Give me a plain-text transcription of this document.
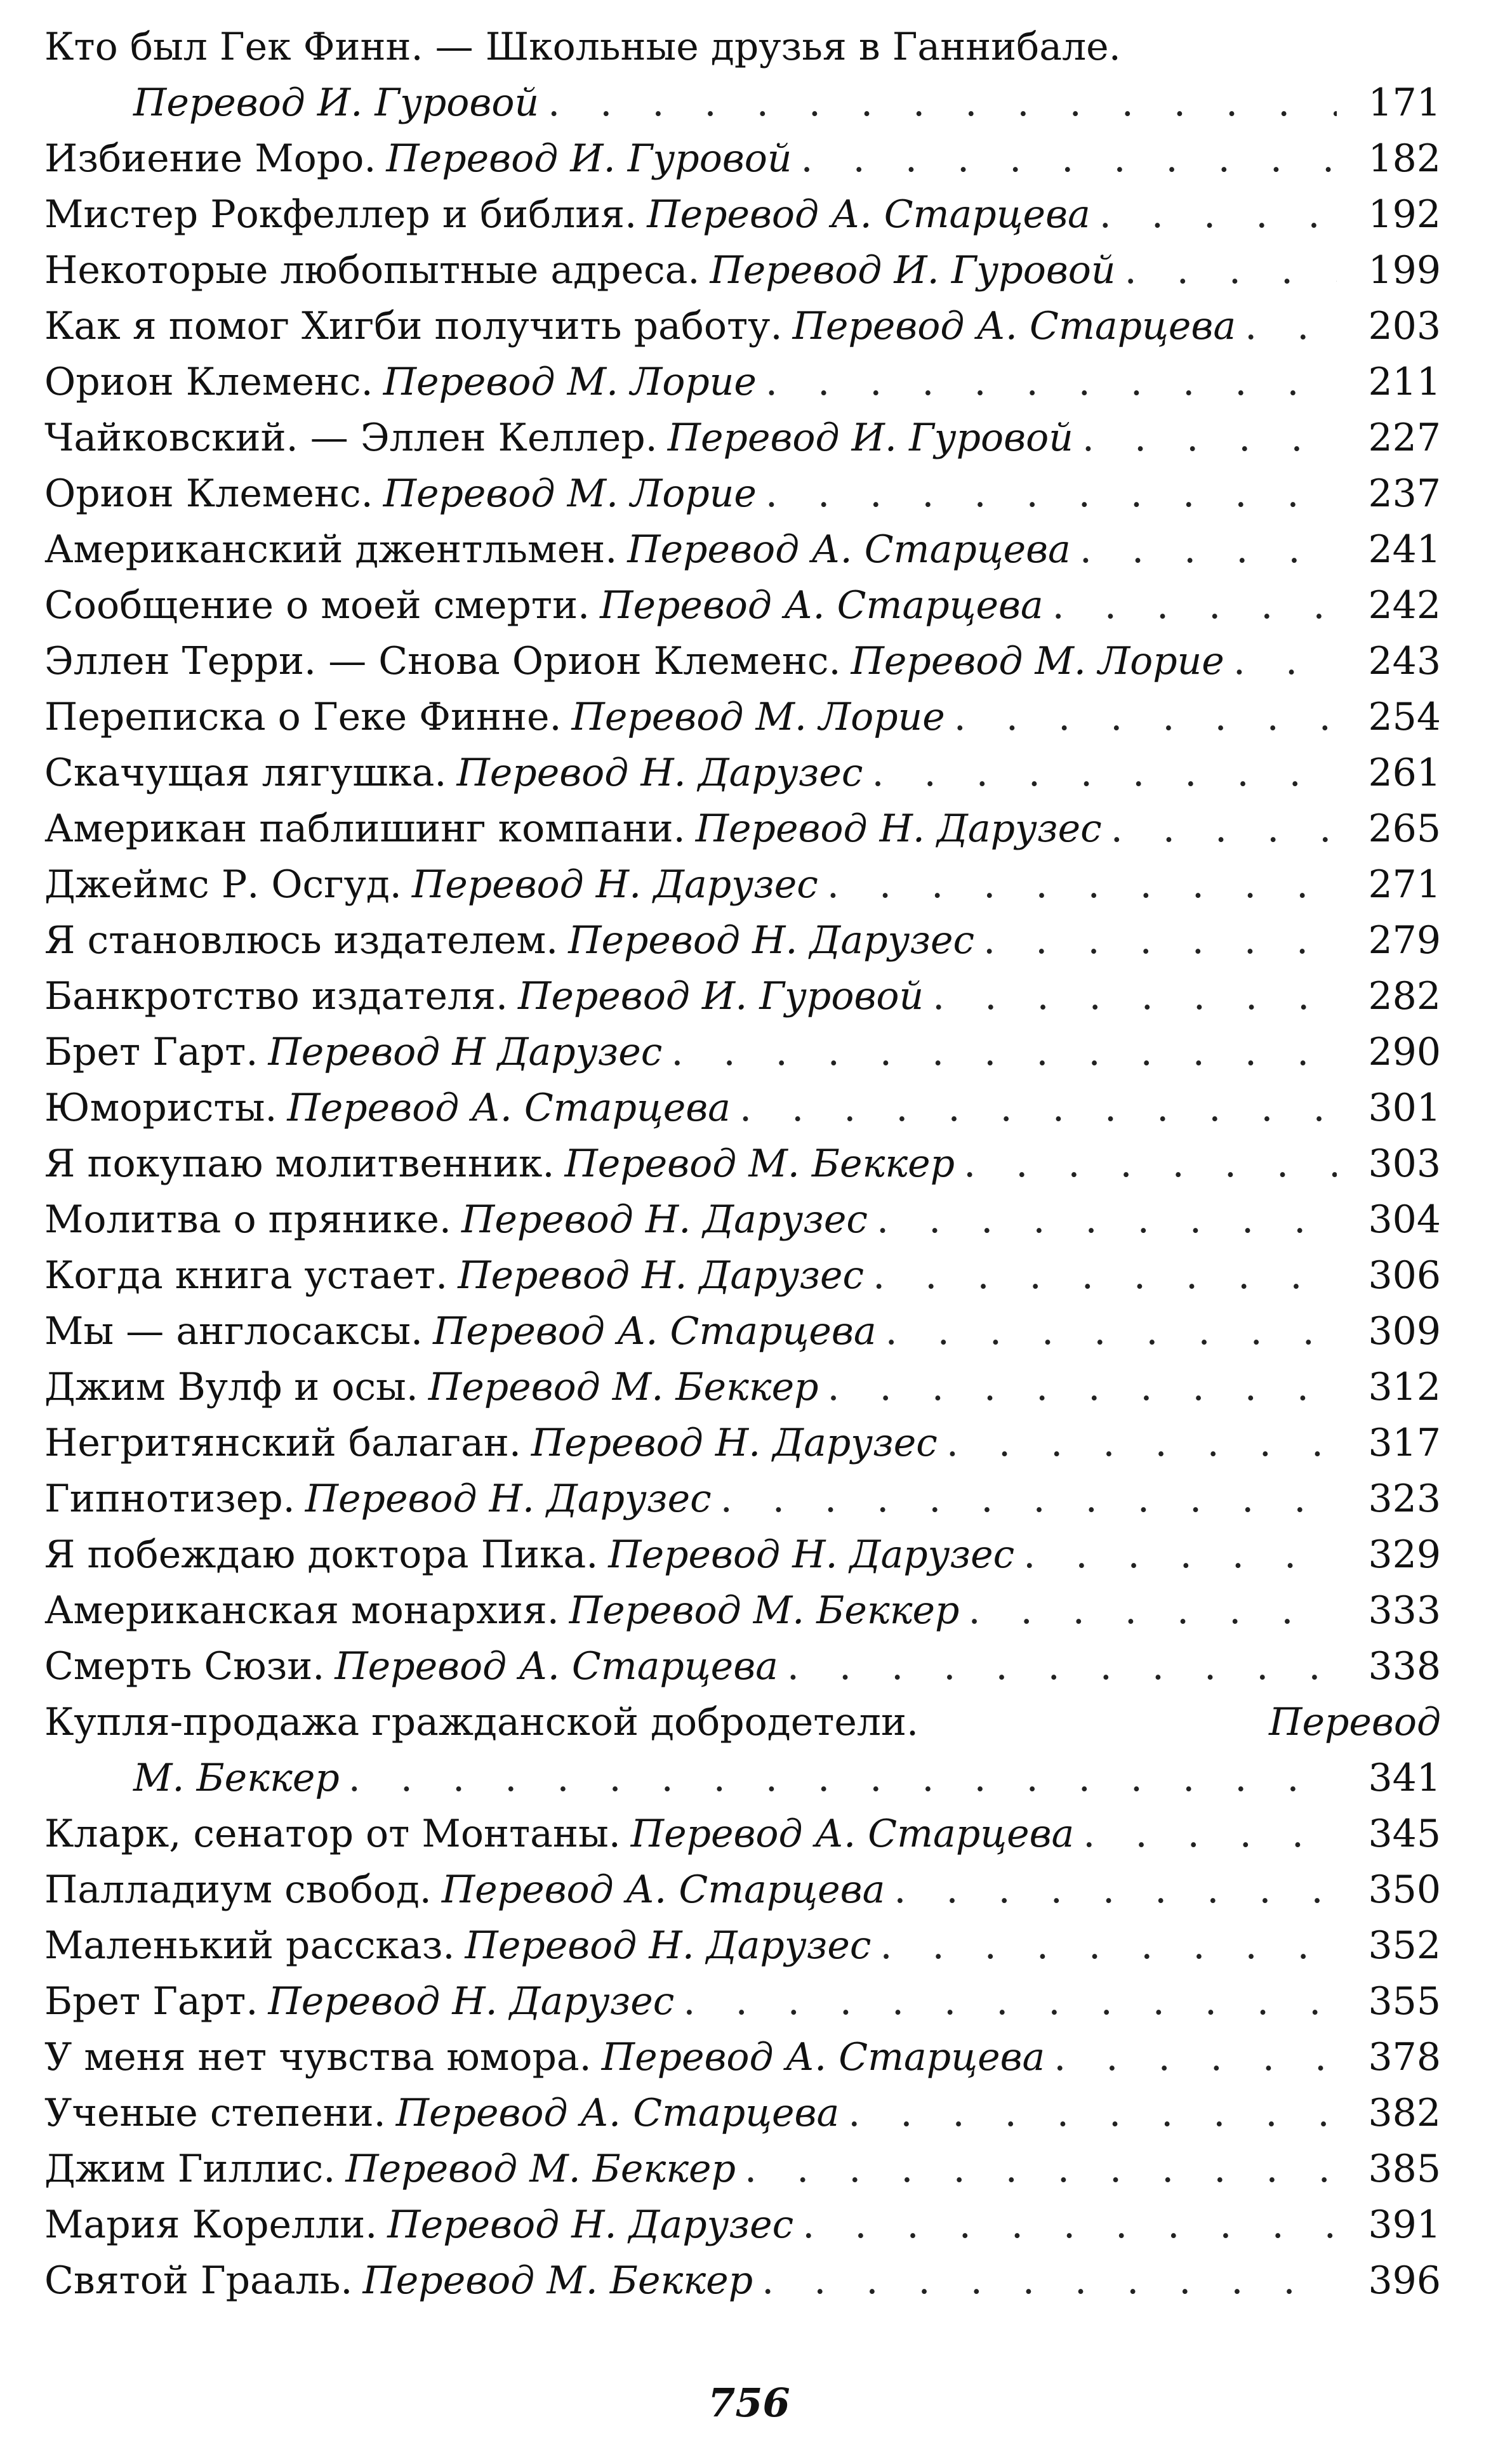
Кто был Гек Финн. — Школьные друзья в Ганнибале.
Перевод И. Гуровой . . .	171
Избиение Моро. Перевод И. Гуровой . . .	182
Мистер Рокфеллер и библия. Перевод А. Старцева . . .	192
Некоторые любопытные адреса. Перевод И. Гуровой . . .	199
Как я помог Хигби получить работу. Перевод А. Старцева . . .	203
Орион Клеменс. Перевод М. Лорие . . .	211
Чайковский. — Эллен Келлер. Перевод И. Гуровой . . .	227
Орион Клеменс. Перевод М. Лорие . . .	237
Американский джентльмен. Перевод А. Старцева . . .	241
Сообщение о моей смерти. Перевод А. Старцева . . .	242
Эллен Терри. — Снова Орион Клеменс. Перевод М. Лорие . . .	243
Переписка о Геке Финне. Перевод М. Лорие . . .	254
Скачущая лягушка. Перевод Н. Дарузес . . .	261
Американ паблишинг компани. Перевод Н. Дарузес . . .	265
Джеймс Р. Осгуд. Перевод Н. Дарузес . . .	271
Я становлюсь издателем. Перевод Н. Дарузес . . .	279
Банкротство издателя. Перевод И. Гуровой . . .	282
Брет Гарт. Перевод Н Дарузес . . .	290
Юмористы. Перевод А. Старцева . . .	301
Я покупаю молитвенник. Перевод М. Беккер . . .	303
Молитва о прянике. Перевод Н. Дарузес . . .	304
Когда книга устает. Перевод Н. Дарузес . . .	306
Мы — англосаксы. Перевод А. Старцева . . .	309
Джим Вулф и осы. Перевод М. Беккер . . .	312
Негритянский балаган. Перевод Н. Дарузес . . .	317
Гипнотизер. Перевод Н. Дарузес . . .	323
Я побеждаю доктора Пика. Перевод Н. Дарузес . . .	329
Американская монархия. Перевод М. Беккер . . .	333
Смерть Сюзи. Перевод А. Старцева . . .	338
Купля-продажа гражданской добродетели.	Перевод
М. Беккер . . .	341
Кларк, сенатор от Монтаны. Перевод А. Старцева . . .	345
Палладиум свобод. Перевод А. Старцева . . .	350
Маленький рассказ. Перевод Н. Дарузес . . .	352
Брет Гарт. Перевод Н. Дарузес . . .	355
У меня нет чувства юмора. Перевод А. Старцева . . .	378
Ученые степени. Перевод А. Старцева . . .	382
Джим Гиллис. Перевод М. Беккер . . .	385
Мария Корелли. Перевод Н. Дарузес . . .	391
Святой Грааль. Перевод М. Беккер . . .	396
756
